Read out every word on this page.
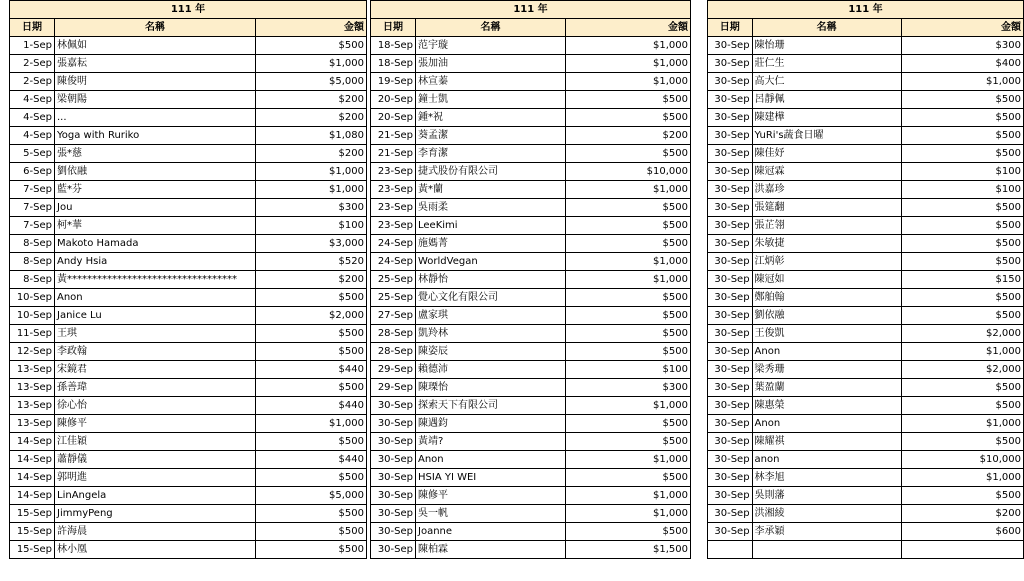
111 年		
日期	名稱	金額
1-Sep	林佩如	$500
2-Sep	張嘉耘	$1,000
2-Sep	陳俊明	$5,000
4-Sep	梁朝陽	$200
4-Sep	...	$200
4-Sep	Yoga with Ruriko	$1,080
5-Sep	張*慈	$200
6-Sep	劉依融	$1,000
7-Sep	藍*芬	$1,000
7-Sep	Jou	$300
7-Sep	柯*華	$100
8-Sep	Makoto Hamada	$3,000
8-Sep	Andy Hsia	$520
8-Sep	黃**********************************	$200
10-Sep	Anon	$500
10-Sep	Janice Lu	$2,000
11-Sep	王琪	$500
12-Sep	李政翰	$500
13-Sep	宋鏡君	$440
13-Sep	孫善瑋	$500
13-Sep	徐心怡	$440
13-Sep	陳修平	$1,000
14-Sep	江佳穎	$500
14-Sep	蕭靜儀	$440
14-Sep	郭明進	$500
14-Sep	LinAngela	$5,000
15-Sep	JimmyPeng	$500
15-Sep	許海晨	$500
15-Sep	林小凰	$500
111 年		
日期	名稱	金額
18-Sep	范宇璇	$1,000
18-Sep	張加油	$1,000
19-Sep	林宣蓁	$1,000
20-Sep	鐘士凱	$500
20-Sep	鍾*祝	$500
21-Sep	葵孟潔	$200
21-Sep	李育潔	$500
23-Sep	捷式股份有限公司	$10,000
23-Sep	黃*蘭	$1,000
23-Sep	吳雨柔	$500
23-Sep	LeeKimi	$500
24-Sep	施媽菁	$500
24-Sep	WorldVegan	$1,000
25-Sep	林靜怡	$1,000
25-Sep	覺心文化有限公司	$500
27-Sep	盧家琪	$500
28-Sep	凱羚林	$500
28-Sep	陳姿辰	$500
29-Sep	賴德沛	$100
29-Sep	陳瑮怡	$300
30-Sep	探索天下有限公司	$1,000
30-Sep	陳遇鈞	$500
30-Sep	黃靖?	$500
30-Sep	Anon	$1,000
30-Sep	HSIA YI WEI	$500
30-Sep	陳修平	$1,000
30-Sep	吳一帆	$1,000
30-Sep	Joanne	$500
30-Sep	陳柏霖	$1,500
111 年		
日期	名稱	金額
30-Sep	陳怡珊	$300
30-Sep	莊仁生	$400
30-Sep	高大仁	$1,000
30-Sep	呂靜佩	$500
30-Sep	陳建樺	$500
30-Sep	YuRi's蔬食日曜	$500
30-Sep	陳佳妤	$500
30-Sep	陳冠霖	$100
30-Sep	洪嘉珍	$100
30-Sep	張筵翻	$500
30-Sep	張芷翎	$500
30-Sep	朱敏捷	$500
30-Sep	江炳彰	$500
30-Sep	陳冠如	$150
30-Sep	鄭舶翰	$500
30-Sep	劉依融	$500
30-Sep	王俊凱	$2,000
30-Sep	Anon	$1,000
30-Sep	梁秀珊	$2,000
30-Sep	葉盈蘭	$500
30-Sep	陳惠榮	$500
30-Sep	Anon	$1,000
30-Sep	陳耀祺	$500
30-Sep	anon	$10,000
30-Sep	林李旭	$1,000
30-Sep	吳則藩	$500
30-Sep	洪湘綾	$200
30-Sep	李承穎	$600
